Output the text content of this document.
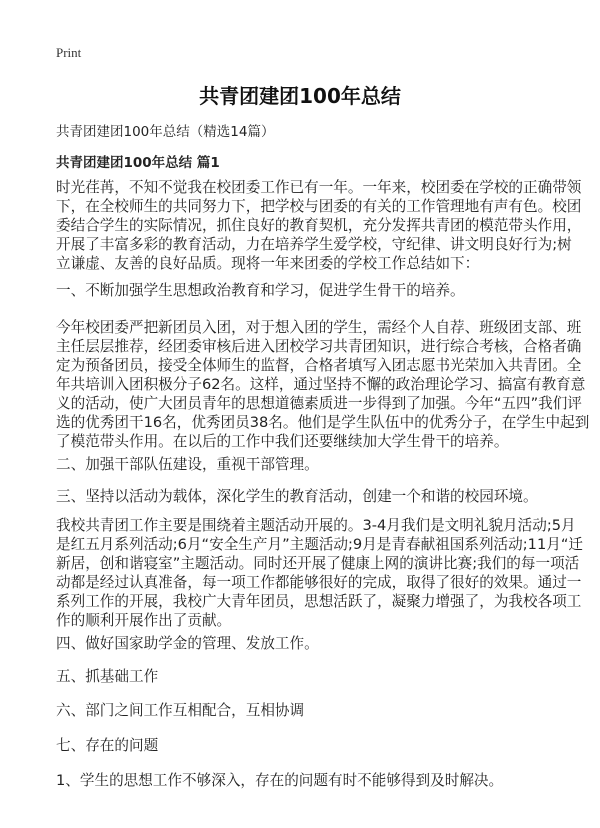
Print
共青团建团100年总结
共青团建团100年总结（精选14篇）
共青团建团100年总结 篇1
时光荏苒，不知不觉我在校团委工作已有一年。一年来，校团委在学校的正确带领
下，在全校师生的共同努力下，把学校与团委的有关的工作管理地有声有色。校团
委结合学生的实际情况，抓住良好的教育契机，充分发挥共青团的模范带头作用，
开展了丰富多彩的教育活动，力在培养学生爱学校，守纪律、讲文明良好行为;树
立谦虚、友善的良好品质。现将一年来团委的学校工作总结如下：
一、不断加强学生思想政治教育和学习，促进学生骨干的培养。
今年校团委严把新团员入团，对于想入团的学生，需经个人自荐、班级团支部、班
主任层层推荐，经团委审核后进入团校学习共青团知识，进行综合考核，合格者确
定为预备团员，接受全体师生的监督，合格者填写入团志愿书光荣加入共青团。全
年共培训入团积极分子62名。这样，通过坚持不懈的政治理论学习、搞富有教育意
义的活动，使广大团员青年的思想道德素质进一步得到了加强。今年“五四”我们评
选的优秀团干16名，优秀团员38名。他们是学生队伍中的优秀分子，在学生中起到
了模范带头作用。在以后的工作中我们还要继续加大学生骨干的培养。
二、加强干部队伍建设，重视干部管理。
三、坚持以活动为载体，深化学生的教育活动，创建一个和谐的校园环境。
我校共青团工作主要是围绕着主题活动开展的。3-4月我们是文明礼貌月活动;5月
是红五月系列活动;6月“安全生产月”主题活动;9月是青春献祖国系列活动;11月“迁
新居，创和谐寝室”主题活动。同时还开展了健康上网的演讲比赛;我们的每一项活
动都是经过认真准备，每一项工作都能够很好的完成，取得了很好的效果。通过一
系列工作的开展，我校广大青年团员，思想活跃了，凝聚力增强了，为我校各项工
作的顺利开展作出了贡献。
四、做好国家助学金的管理、发放工作。
五、抓基础工作
六、部门之间工作互相配合，互相协调
七、存在的问题
1、学生的思想工作不够深入，存在的问题有时不能够得到及时解决。
